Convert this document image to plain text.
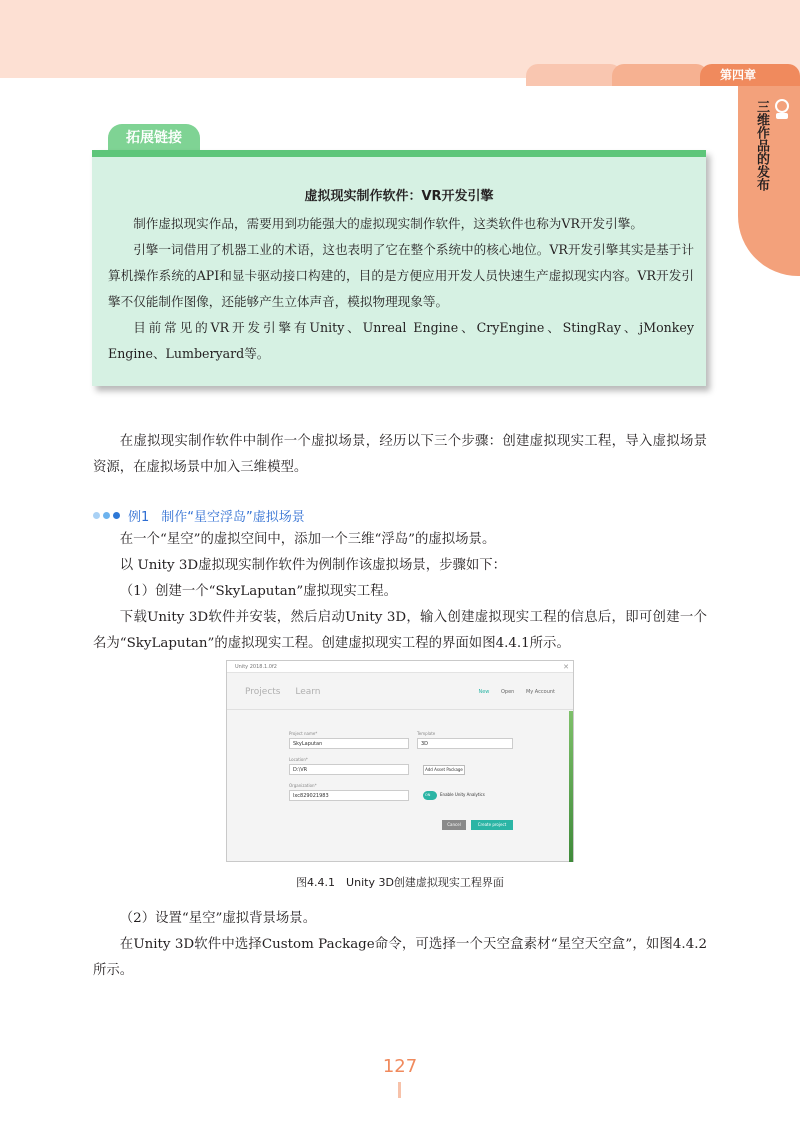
第四章
三维作品的发布
拓展链接
虚拟现实制作软件：VR开发引擎

制作虚拟现实作品，需要用到功能强大的虚拟现实制作软件，这类软件也称为VR开发引擎。

引擎一词借用了机器工业的术语，这也表明了它在整个系统中的核心地位。VR开发引擎其实是基于计算机操作系统的API和显卡驱动接口构建的，目的是方便应用开发人员快速生产虚拟现实内容。VR开发引擎不仅能制作图像，还能够产生立体声音，模拟物理现象等。

目前常见的VR开发引擎有Unity、Unreal Engine、CryEngine、StingRay、jMonkey Engine、Lumberyard等。

在虚拟现实制作软件中制作一个虚拟场景，经历以下三个步骤：创建虚拟现实工程，导入虚拟场景资源，在虚拟场景中加入三维模型。
例1 制作“星空浮岛”虚拟场景
在一个“星空”的虚拟空间中，添加一个三维“浮岛”的虚拟场景。
以 Unity 3D虚拟现实制作软件为例制作该虚拟场景，步骤如下：
（1）创建一个“SkyLaputan”虚拟现实工程。
下载Unity 3D软件并安装，然后启动Unity 3D，输入创建虚拟现实工程的信息后，即可创建一个名为“SkyLaputan”的虚拟现实工程。创建虚拟现实工程的界面如图4.4.1所示。
Unity 2018.1.0f2	✕
Projects Learn	New Open My Account
Project name*
SkyLaputan
Template
3D
Location*
D:\VR	Add Asset Package
Organization*
lxc829021983	ON	Enable Unity Analytics
Cancel	Create project
图4.4.1　Unity 3D创建虚拟现实工程界面
（2）设置“星空”虚拟背景场景。
在Unity 3D软件中选择Custom Package命令，可选择一个天空盒素材“星空天空盒”，如图4.4.2所示。
127
